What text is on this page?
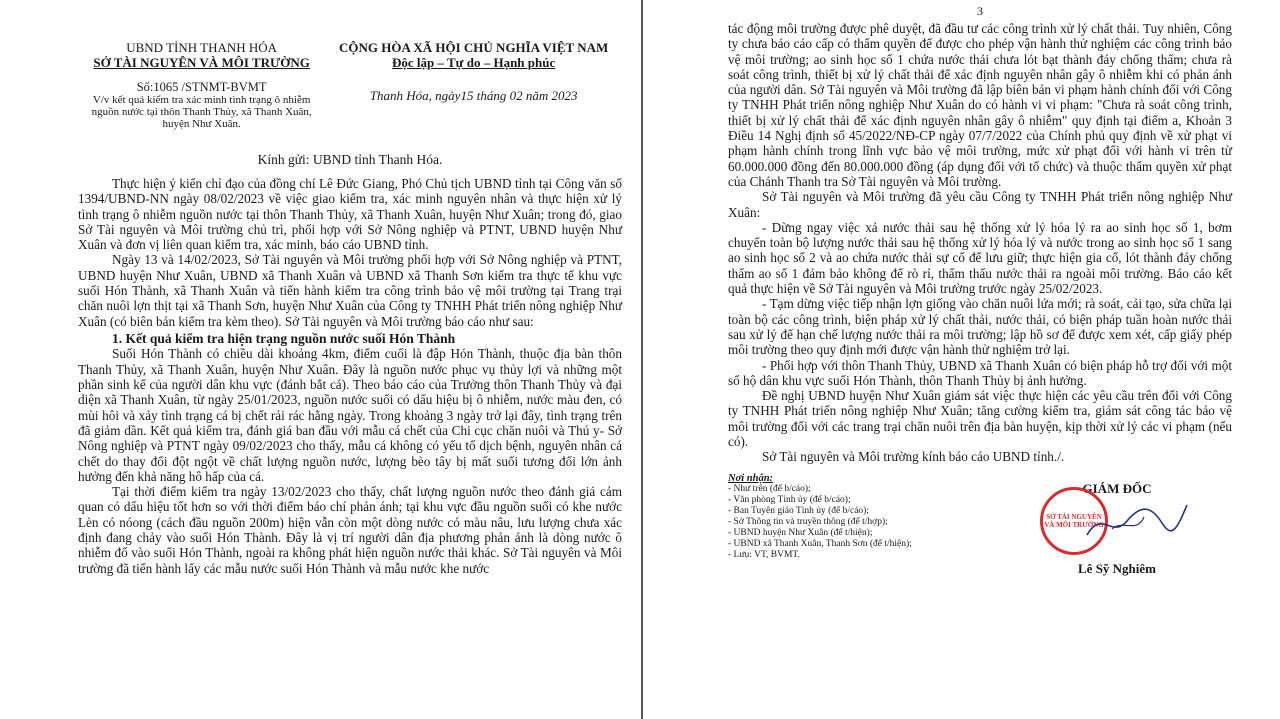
UBND TỈNH THANH HÓA
SỞ TÀI NGUYÊN VÀ MÔI TRƯỜNG
Số:1065 /STNMT-BVMT
V/v kết quả kiểm tra xác minh tình trạng ô nhiễm nguồn nước tại thôn Thanh Thủy, xã Thanh Xuân, huyện Như Xuân.
CỘNG HÒA XÃ HỘI CHỦ NGHĨA VIỆT NAM
Độc lập – Tự do – Hạnh phúc
Thanh Hóa, ngày15 tháng 02 năm 2023
Kính gửi: UBND tỉnh Thanh Hóa.

Thực hiện ý kiến chỉ đạo của đồng chí Lê Đức Giang, Phó Chủ tịch UBND tỉnh tại Công văn số 1394/UBND-NN ngày 08/02/2023 về việc giao kiểm tra, xác minh nguyên nhân và thực hiện xử lý tình trạng ô nhiễm nguồn nước tại thôn Thanh Thủy, xã Thanh Xuân, huyện Như Xuân; trong đó, giao Sở Tài nguyên và Môi trường chủ trì, phối hợp với Sở Nông nghiệp và PTNT, UBND huyện Như Xuân và đơn vị liên quan kiểm tra, xác minh, báo cáo UBND tỉnh.

Ngày 13 và 14/02/2023, Sở Tài nguyên và Môi trường phối hợp với Sở Nông nghiệp và PTNT, UBND huyện Như Xuân, UBND xã Thanh Xuân và UBND xã Thanh Sơn kiểm tra thực tế khu vực suối Hón Thành, xã Thanh Xuân và tiến hành kiểm tra công trình bảo vệ môi trường tại Trang trại chăn nuôi lợn thịt tại xã Thanh Sơn, huyện Như Xuân của Công ty TNHH Phát triển nông nghiệp Như Xuân (có biên bản kiểm tra kèm theo). Sở Tài nguyên và Môi trường báo cáo như sau:

1. Kết quả kiểm tra hiện trạng nguồn nước suối Hón Thành

Suối Hón Thành có chiều dài khoảng 4km, điểm cuối là đập Hón Thành, thuộc địa bàn thôn Thanh Thủy, xã Thanh Xuân, huyện Như Xuân. Đây là nguồn nước phục vụ thủy lợi và những một phần sinh kế của người dân khu vực (đánh bắt cá). Theo báo cáo của Trưởng thôn Thanh Thủy và đại diện xã Thanh Xuân, từ ngày 25/01/2023, nguồn nước suối có dấu hiệu bị ô nhiễm, nước màu đen, có mùi hôi và xảy tình trạng cá bị chết rải rác hằng ngày. Trong khoảng 3 ngày trở lại đây, tình trạng trên đã giảm dần. Kết quả kiểm tra, đánh giá ban đầu với mẫu cá chết của Chi cục chăn nuôi và Thú y- Sở Nông nghiệp và PTNT ngày 09/02/2023 cho thấy, mẫu cá không có yếu tố dịch bệnh, nguyên nhân cá chết do thay đổi đột ngột về chất lượng nguồn nước, lượng bèo tây bị mất suối tương đối lớn ảnh hưởng đến khả năng hô hấp của cá.

Tại thời điểm kiểm tra ngày 13/02/2023 cho thấy, chất lượng nguồn nước theo đánh giá cảm quan có dấu hiệu tốt hơn so với thời điểm báo chí phản ánh; tại khu vực đầu nguồn suối có khe nước Lèn có nóong (cách đầu nguồn 200m) hiện vẫn còn một dòng nước có màu nâu, lưu lượng chưa xác định đang chảy vào suối Hón Thành. Đây là vị trí người dân địa phương phản ánh là dòng nước ô nhiễm đổ vào suối Hón Thành, ngoài ra không phát hiện nguồn nước thải khác. Sở Tài nguyên và Môi trường đã tiến hành lấy các mẫu nước suối Hón Thành và mẫu nước khe nước

3

tác động môi trường được phê duyệt, đã đầu tư các công trình xử lý chất thải. Tuy nhiên, Công ty chưa báo cáo cấp có thẩm quyền để được cho phép vận hành thử nghiệm các công trình bảo vệ môi trường; ao sinh học số 1 chứa nước thải chưa lót bạt thành đáy chống thấm; chưa rà soát công trình, thiết bị xử lý chất thải để xác định nguyên nhân gây ô nhiễm khi có phản ánh của người dân. Sở Tài nguyên và Môi trường đã lập biên bản vi phạm hành chính đối với Công ty TNHH Phát triển nông nghiệp Như Xuân do có hành vi vi phạm: "Chưa rà soát công trình, thiết bị xử lý chất thải để xác định nguyên nhân gây ô nhiễm" quy định tại điểm a, Khoản 3 Điều 14 Nghị định số 45/2022/NĐ-CP ngày 07/7/2022 của Chính phủ quy định về xử phạt vi phạm hành chính trong lĩnh vực bảo vệ môi trường, mức xử phạt đối với hành vi trên từ 60.000.000 đồng đến 80.000.000 đồng (áp dụng đối với tổ chức) và thuộc thẩm quyền xử phạt của Chánh Thanh tra Sở Tài nguyên và Môi trường.

Sở Tài nguyên và Môi trường đã yêu cầu Công ty TNHH Phát triển nông nghiệp Như Xuân:

- Dừng ngay việc xả nước thải sau hệ thống xử lý hóa lý ra ao sinh học số 1, bơm chuyển toàn bộ lượng nước thải sau hệ thống xử lý hóa lý và nước trong ao sinh học số 1 sang ao sinh học số 2 và ao chứa nước thải sự cố để lưu giữ; thực hiện gia cố, lót thành đáy chống thấm ao số 1 đảm bảo không để rò rỉ, thẩm thấu nước thải ra ngoài môi trường. Báo cáo kết quả thực hiện về Sở Tài nguyên và Môi trường trước ngày 25/02/2023.

- Tạm dừng việc tiếp nhận lợn giống vào chăn nuôi lứa mới; rà soát, cải tạo, sửa chữa lại toàn bộ các công trình, biện pháp xử lý chất thải, nước thải, có biện pháp tuần hoàn nước thải sau xử lý để hạn chế lượng nước thải ra môi trường; lập hồ sơ để được xem xét, cấp giấy phép môi trường theo quy định mới được vận hành thử nghiệm trở lại.

- Phối hợp với thôn Thanh Thủy, UBND xã Thanh Xuân có biện pháp hỗ trợ đối với một số hộ dân khu vực suối Hón Thành, thôn Thanh Thủy bị ảnh hưởng.

Đề nghị UBND huyện Như Xuân giám sát việc thực hiện các yêu cầu trên đối với Công ty TNHH Phát triển nông nghiệp Như Xuân; tăng cường kiểm tra, giám sát công tác bảo vệ môi trường đối với các trang trại chăn nuôi trên địa bàn huyện, kịp thời xử lý các vi phạm (nếu có).

Sở Tài nguyên và Môi trường kính báo cáo UBND tỉnh./.

Nơi nhận:
- Như trên (để b/cáo);
- Văn phòng Tỉnh ủy (để b/cáo);
- Ban Tuyên giáo Tỉnh ủy (để b/cáo);
- Sở Thông tin và truyền thông (để t/hợp);
- UBND huyện Như Xuân (để t/hiện);
- UBND xã Thanh Xuân, Thanh Sơn (để t/hiện);
- Lưu: VT, BVMT.
GIÁM ĐỐC
SỞ TÀI NGUYÊN VÀ MÔI TRƯỜNG
Lê Sỹ Nghiêm
